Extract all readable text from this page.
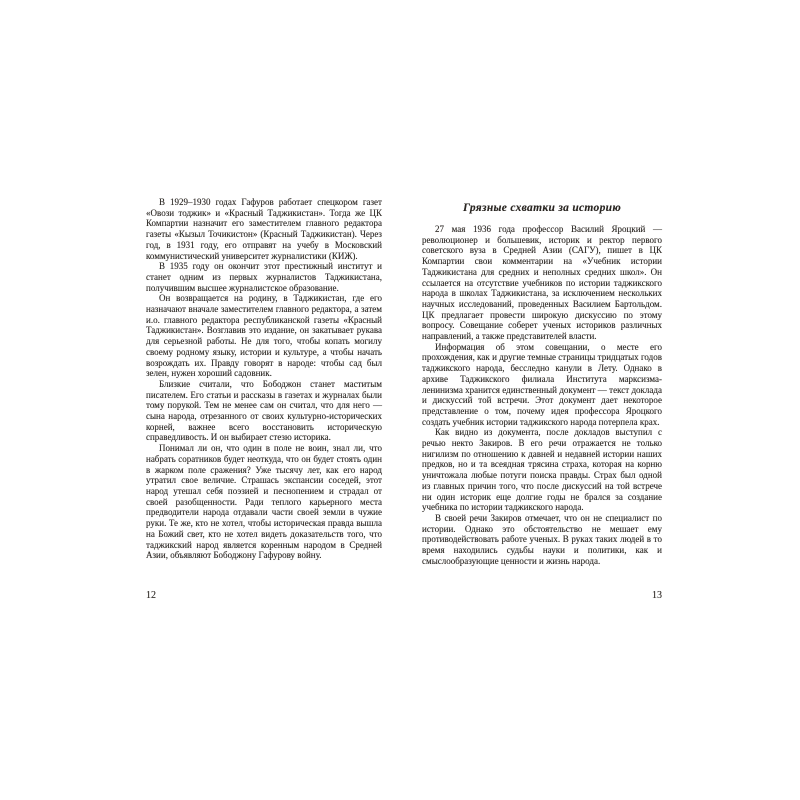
В 1929–1930 годах Гафуров работает спецкором газет «Овози тоджик» и «Красный Таджикистан». Тогда же ЦК Компартии назначит его заместителем главного редактора газеты «Кызыл Точикистон» (Красный Таджикистан). Через год, в 1931 году, его отправят на учебу в Московский коммунистический университет журналистики (КИЖ).

В 1935 году он окончит этот престижный институт и станет одним из первых журналистов Таджикистана, получившим высшее журналистское образование.

Он возвращается на родину, в Таджикистан, где его назначают вначале заместителем главного редактора, а затем и.о. главного редактора республиканской газеты «Красный Таджикистан». Возглавив это издание, он закатывает рукава для серьезной работы. Не для того, чтобы копать могилу своему родному языку, истории и культуре, а чтобы начать возрождать их. Правду говорят в народе: чтобы сад был зелен, нужен хороший садовник.

Близкие считали, что Бободжон станет маститым писателем. Его статьи и рассказы в газетах и журналах были тому порукой. Тем не менее сам он считал, что для него — сына народа, отрезанного от своих культурно-исторических корней, важнее всего восстановить историческую справедливость. И он выбирает стезю историка.

Понимал ли он, что один в поле не воин, знал ли, что набрать соратников будет неоткуда, что он будет стоять один в жарком поле сражения? Уже тысячу лет, как его народ утратил свое величие. Страшась экспансии соседей, этот народ утешал себя поэзией и песнопением и страдал от своей разобщенности. Ради теплого карьерного места предводители народа отдавали части своей земли в чужие руки. Те же, кто не хотел, чтобы историческая правда вышла на Божий свет, кто не хотел видеть доказательств того, что таджикский народ является коренным народом в Средней Азии, объявляют Бободжону Гафурову войну.

Грязные схватки за историю

27 мая 1936 года профессор Василий Яроцкий — революционер и большевик, историк и ректор первого советского вуза в Средней Азии (САГУ), пишет в ЦК Компартии свои комментарии на «Учебник истории Таджикистана для средних и неполных средних школ». Он ссылается на отсутствие учебников по истории таджикского народа в школах Таджикистана, за исключением нескольких научных исследований, проведенных Василием Бартольдом. ЦК предлагает провести широкую дискуссию по этому вопросу. Совещание соберет ученых историков различных направлений, а также представителей власти.

Информация об этом совещании, о месте его прохождения, как и другие темные страницы тридцатых годов таджикского народа, бесследно канули в Лету. Однако в архиве Таджикского филиала Института марксизма-ленинизма хранится единственный документ — текст доклада и дискуссий той встречи. Этот документ дает некоторое представление о том, почему идея профессора Яроцкого создать учебник истории таджикского народа потерпела крах.

Как видно из документа, после докладов выступил с речью некто Закиров. В его речи отражается не только нигилизм по отношению к давней и недавней истории наших предков, но и та всеядная трясина страха, которая на корню уничтожала любые потуги поиска правды. Страх был одной из главных причин того, что после дискуссий на той встрече ни один историк еще долгие годы не брался за создание учебника по истории таджикского народа.

В своей речи Закиров отмечает, что он не специалист по истории. Однако это обстоятельство не мешает ему противодействовать работе ученых. В руках таких людей в то время находились судьбы науки и политики, как и смыслообразующие ценности и жизнь народа.

12	13
